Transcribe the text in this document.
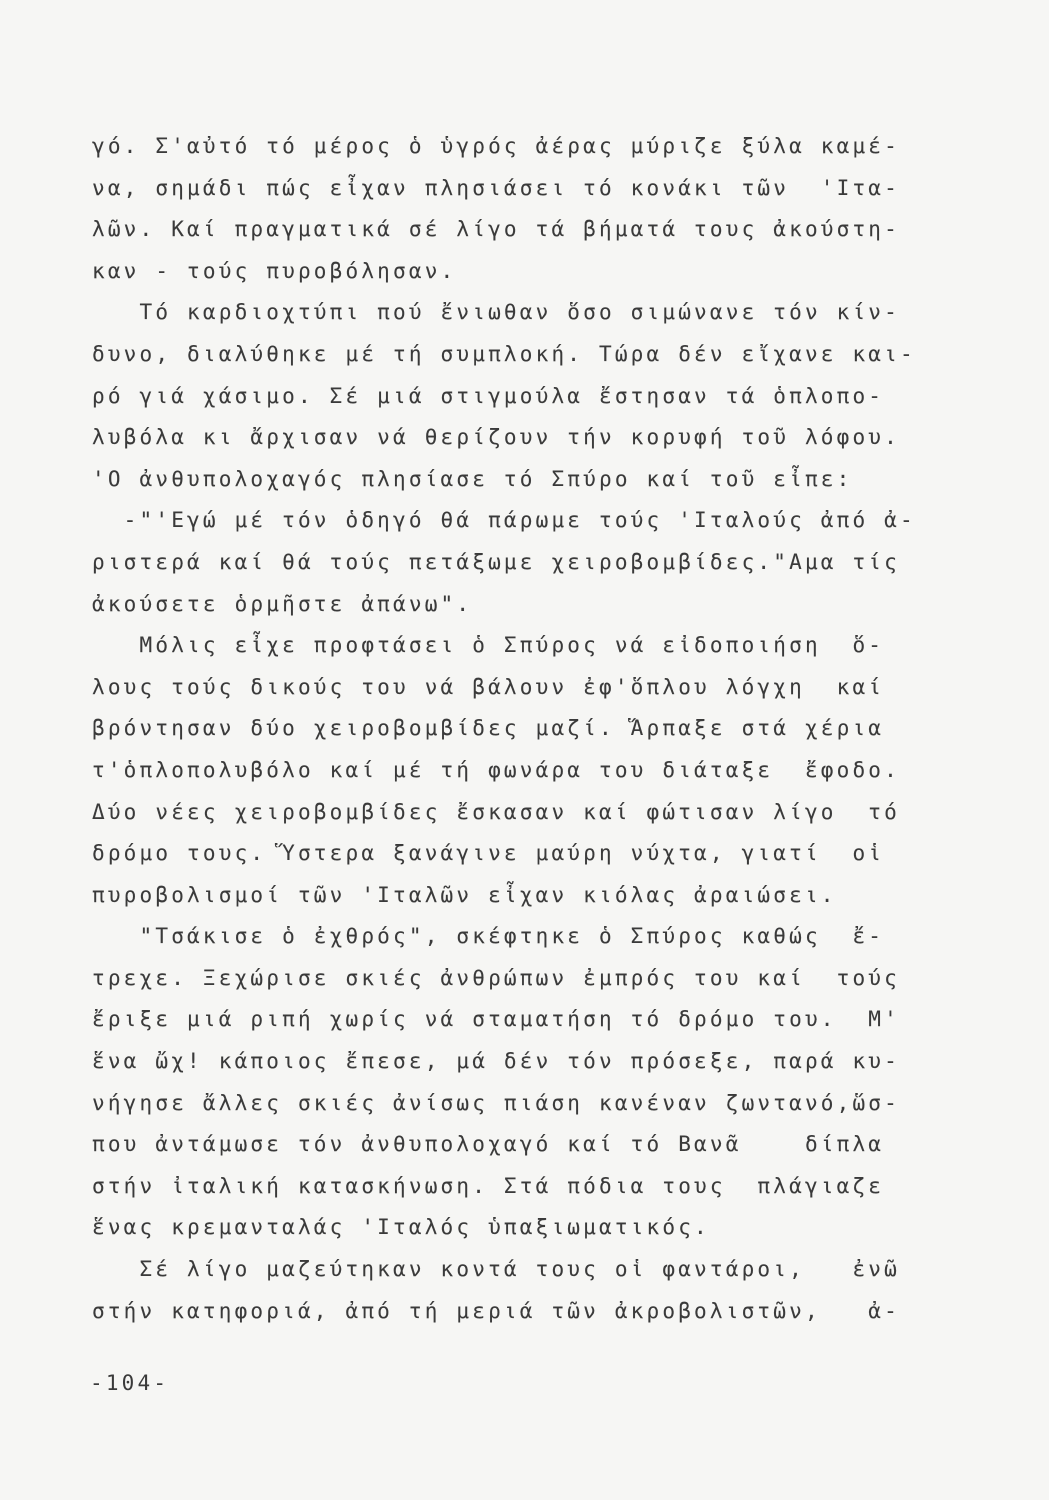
γό. Σ'αὐτό τό μέρος ὁ ὑγρός ἀέρας μύριζε ξύλα καμέ-
να, σημάδι πώς εἶχαν πλησιάσει τό κονάκι τῶν  'Ιτα-
λῶν. Καί πραγματικά σέ λίγο τά βήματά τους ἀκούστη-
καν - τούς πυροβόλησαν.
Τό καρδιοχτύπι πού ἔνιωθαν ὅσο σιμώνανε τόν κίν-
δυνο, διαλύθηκε μέ τή συμπλοκή. Τώρα δέν εἴχανε και-
ρό γιά χάσιμο. Σέ μιά στιγμούλα ἔστησαν τά ὁπλοπο-
λυβόλα κι ἄρχισαν νά θερίζουν τήν κορυφή τοῦ λόφου.
'Ο ἀνθυπολοχαγός πλησίασε τό Σπύρο καί τοῦ εἶπε:
-"'Εγώ μέ τόν ὁδηγό θά πάρωμε τούς 'Ιταλούς ἀπό ἀ-
ριστερά καί θά τούς πετάξωμε χειροβομβίδες."Αμα τίς
ἀκούσετε ὁρμῆστε ἀπάνω".
Μόλις εἶχε προφτάσει ὁ Σπύρος νά εἰδοποιήση  ὅ-
λους τούς δικούς του νά βάλουν ἐφ'ὅπλου λόγχη  καί
βρόντησαν δύο χειροβομβίδες μαζί. Ἅρπαξε στά χέρια
τ'ὁπλοπολυβόλο καί μέ τή φωνάρα του διάταξε  ἔφοδο.
Δύο νέες χειροβομβίδες ἔσκασαν καί φώτισαν λίγο  τό
δρόμο τους. Ὕστερα ξανάγινε μαύρη νύχτα, γιατί  οἱ
πυροβολισμοί τῶν 'Ιταλῶν εἶχαν κιόλας ἀραιώσει.
"Τσάκισε ὁ ἐχθρός", σκέφτηκε ὁ Σπύρος καθώς  ἔ-
τρεχε. Ξεχώρισε σκιές ἀνθρώπων ἐμπρός του καί  τούς
ἔριξε μιά ριπή χωρίς νά σταματήση τό δρόμο του.  Μ'
ἕνα ὤχ! κάποιος ἔπεσε, μά δέν τόν πρόσεξε, παρά κυ-
νήγησε ἄλλες σκιές ἀνίσως πιάση κανέναν ζωντανό,ὥσ-
που ἀντάμωσε τόν ἀνθυπολοχαγό καί τό Βανᾶ    δίπλα
στήν ἰταλική κατασκήνωση. Στά πόδια τους  πλάγιαζε
ἕνας κρεμανταλάς 'Ιταλός ὑπαξιωματικός.
Σέ λίγο μαζεύτηκαν κοντά τους οἱ φαντάροι,   ἐνῶ
στήν κατηφοριά, ἀπό τή μεριά τῶν ἀκροβολιστῶν,   ἀ-
-104-
